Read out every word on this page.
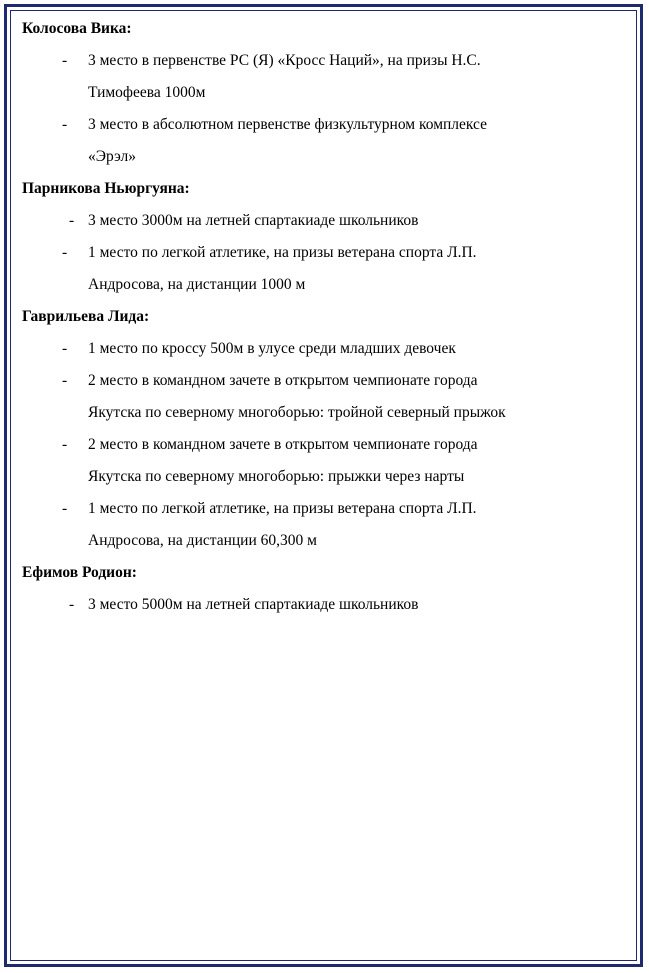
Колосова Вика:

- 3 место в первенстве РС (Я) «Кросс Наций», на призы Н.С.
Тимофеева 1000м
- 3 место в абсолютном первенстве физкультурном комплексе
«Эрэл»

Парникова Ньюргуяна:

- 3 место 3000м на летней спартакиаде школьников
- 1 место по легкой атлетике, на призы ветерана спорта Л.П.
Андросова, на дистанции 1000 м

Гаврильева Лида:

- 1 место по кроссу 500м в улусе среди младших девочек
- 2 место в командном зачете в открытом чемпионате города
Якутска по северному многоборью: тройной северный прыжок
- 2 место в командном зачете в открытом чемпионате города
Якутска по северному многоборью: прыжки через нарты
- 1 место по легкой атлетике, на призы ветерана спорта Л.П.
Андросова, на дистанции 60,300 м

Ефимов Родион:

- 3 место 5000м на летней спартакиаде школьников
